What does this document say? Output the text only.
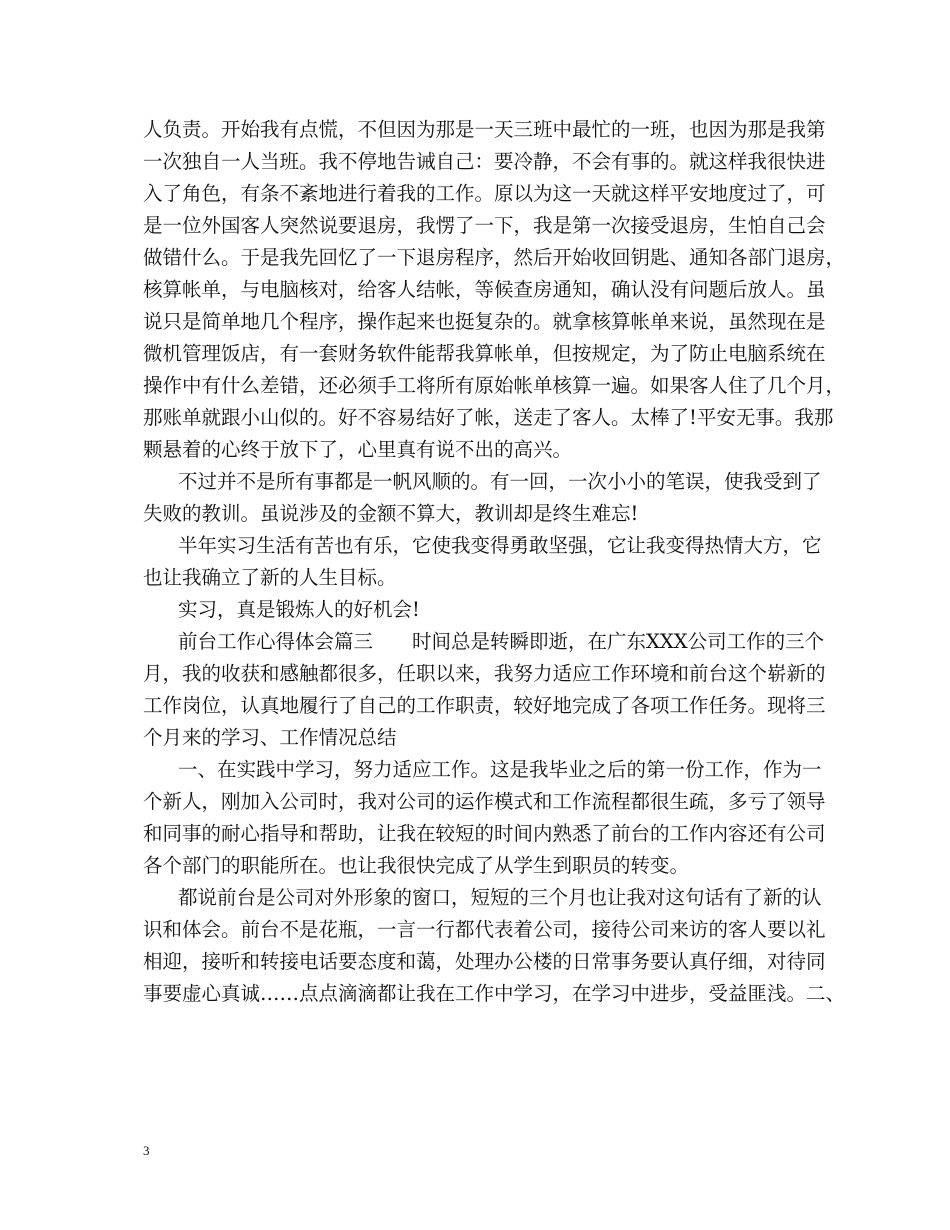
人负责。开始我有点慌，不但因为那是一天三班中最忙的一班，也因为那是我第
一次独自一人当班。我不停地告诫自己：要冷静，不会有事的。就这样我很快进
入了角色，有条不紊地进行着我的工作。原以为这一天就这样平安地度过了，可
是一位外国客人突然说要退房，我愣了一下，我是第一次接受退房，生怕自己会
做错什么。于是我先回忆了一下退房程序，然后开始收回钥匙、通知各部门退房，
核算帐单，与电脑核对，给客人结帐，等候查房通知，确认没有问题后放人。虽
说只是简单地几个程序，操作起来也挺复杂的。就拿核算帐单来说，虽然现在是
微机管理饭店，有一套财务软件能帮我算帐单，但按规定，为了防止电脑系统在
操作中有什么差错，还必须手工将所有原始帐单核算一遍。如果客人住了几个月，
那账单就跟小山似的。好不容易结好了帐，送走了客人。太棒了!平安无事。我那
颗悬着的心终于放下了，心里真有说不出的高兴。
不过并不是所有事都是一帆风顺的。有一回，一次小小的笔误，使我受到了
失败的教训。虽说涉及的金额不算大，教训却是终生难忘!
半年实习生活有苦也有乐，它使我变得勇敢坚强，它让我变得热情大方，它
也让我确立了新的人生目标。
实习，真是锻炼人的好机会!
前台工作心得体会篇三　　时间总是转瞬即逝，在广东XXX公司工作的三个
月，我的收获和感触都很多，任职以来，我努力适应工作环境和前台这个崭新的
工作岗位，认真地履行了自己的工作职责，较好地完成了各项工作任务。现将三
个月来的学习、工作情况总结
一、在实践中学习，努力适应工作。这是我毕业之后的第一份工作，作为一
个新人，刚加入公司时，我对公司的运作模式和工作流程都很生疏，多亏了领导
和同事的耐心指导和帮助，让我在较短的时间内熟悉了前台的工作内容还有公司
各个部门的职能所在。也让我很快完成了从学生到职员的转变。
都说前台是公司对外形象的窗口，短短的三个月也让我对这句话有了新的认
识和体会。前台不是花瓶，一言一行都代表着公司，接待公司来访的客人要以礼
相迎，接听和转接电话要态度和蔼，处理办公楼的日常事务要认真仔细，对待同
事要虚心真诚……点点滴滴都让我在工作中学习，在学习中进步，受益匪浅。二、
3
